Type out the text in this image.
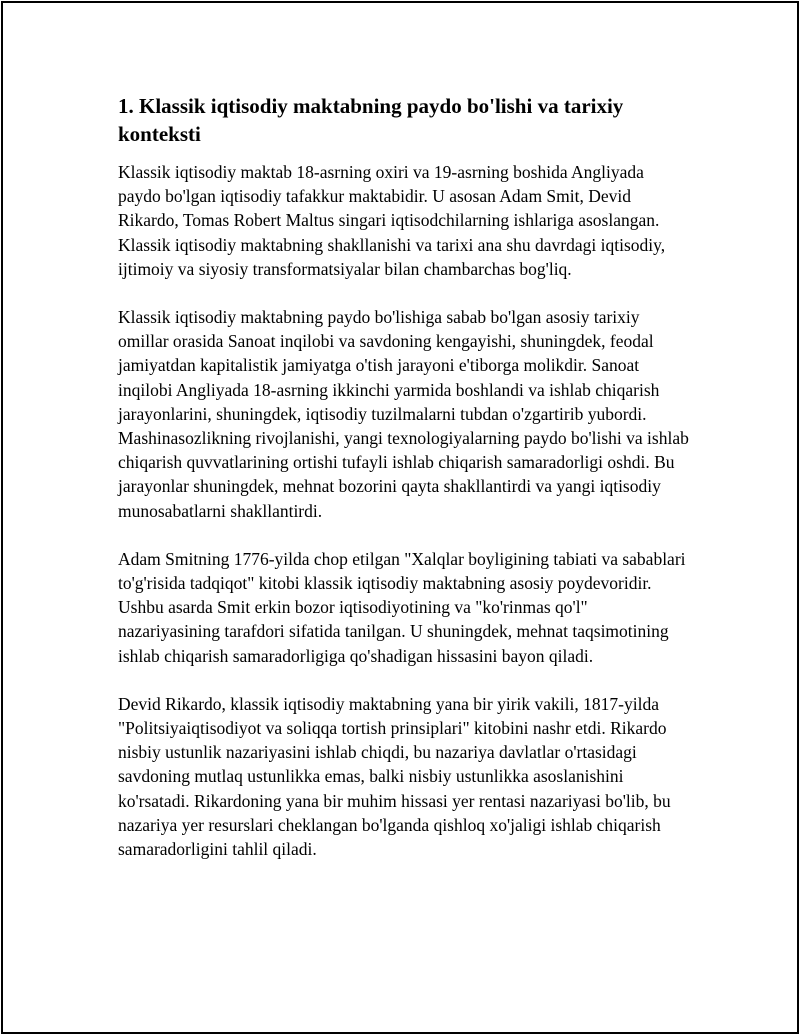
1. Klassik iqtisodiy maktabning paydo bo'lishi va tarixiy konteksti

Klassik iqtisodiy maktab 18-asrning oxiri va 19-asrning boshida Angliyada paydo bo'lgan iqtisodiy tafakkur maktabidir. U asosan Adam Smit, Devid Rikardo, Tomas Robert Maltus singari iqtisodchilarning ishlariga asoslangan. Klassik iqtisodiy maktabning shakllanishi va tarixi ana shu davrdagi iqtisodiy, ijtimoiy va siyosiy transformatsiyalar bilan chambarchas bog'liq.

Klassik iqtisodiy maktabning paydo bo'lishiga sabab bo'lgan asosiy tarixiy omillar orasida Sanoat inqilobi va savdoning kengayishi, shuningdek, feodal jamiyatdan kapitalistik jamiyatga o'tish jarayoni e'tiborga molikdir. Sanoat inqilobi Angliyada 18-asrning ikkinchi yarmida boshlandi va ishlab chiqarish jarayonlarini, shuningdek, iqtisodiy tuzilmalarni tubdan o'zgartirib yubordi. Mashinasozlikning rivojlanishi, yangi texnologiyalarning paydo bo'lishi va ishlab chiqarish quvvatlarining ortishi tufayli ishlab chiqarish samaradorligi oshdi. Bu jarayonlar shuningdek, mehnat bozorini qayta shakllantirdi va yangi iqtisodiy munosabatlarni shakllantirdi.

Adam Smitning 1776-yilda chop etilgan "Xalqlar boyligining tabiati va sabablari to'g'risida tadqiqot" kitobi klassik iqtisodiy maktabning asosiy poydevoridir. Ushbu asarda Smit erkin bozor iqtisodiyotining va "ko'rinmas qo'l" nazariyasining tarafdori sifatida tanilgan. U shuningdek, mehnat taqsimotining ishlab chiqarish samaradorligiga qo'shadigan hissasini bayon qiladi.

Devid Rikardo, klassik iqtisodiy maktabning yana bir yirik vakili, 1817-yilda "Politsiyaiqtisodiyot va soliqqa tortish prinsiplari" kitobini nashr etdi. Rikardo nisbiy ustunlik nazariyasini ishlab chiqdi, bu nazariya davlatlar o'rtasidagi savdoning mutlaq ustunlikka emas, balki nisbiy ustunlikka asoslanishini ko'rsatadi. Rikardoning yana bir muhim hissasi yer rentasi nazariyasi bo'lib, bu nazariya yer resurslari cheklangan bo'lganda qishloq xo'jaligi ishlab chiqarish samaradorligini tahlil qiladi.
